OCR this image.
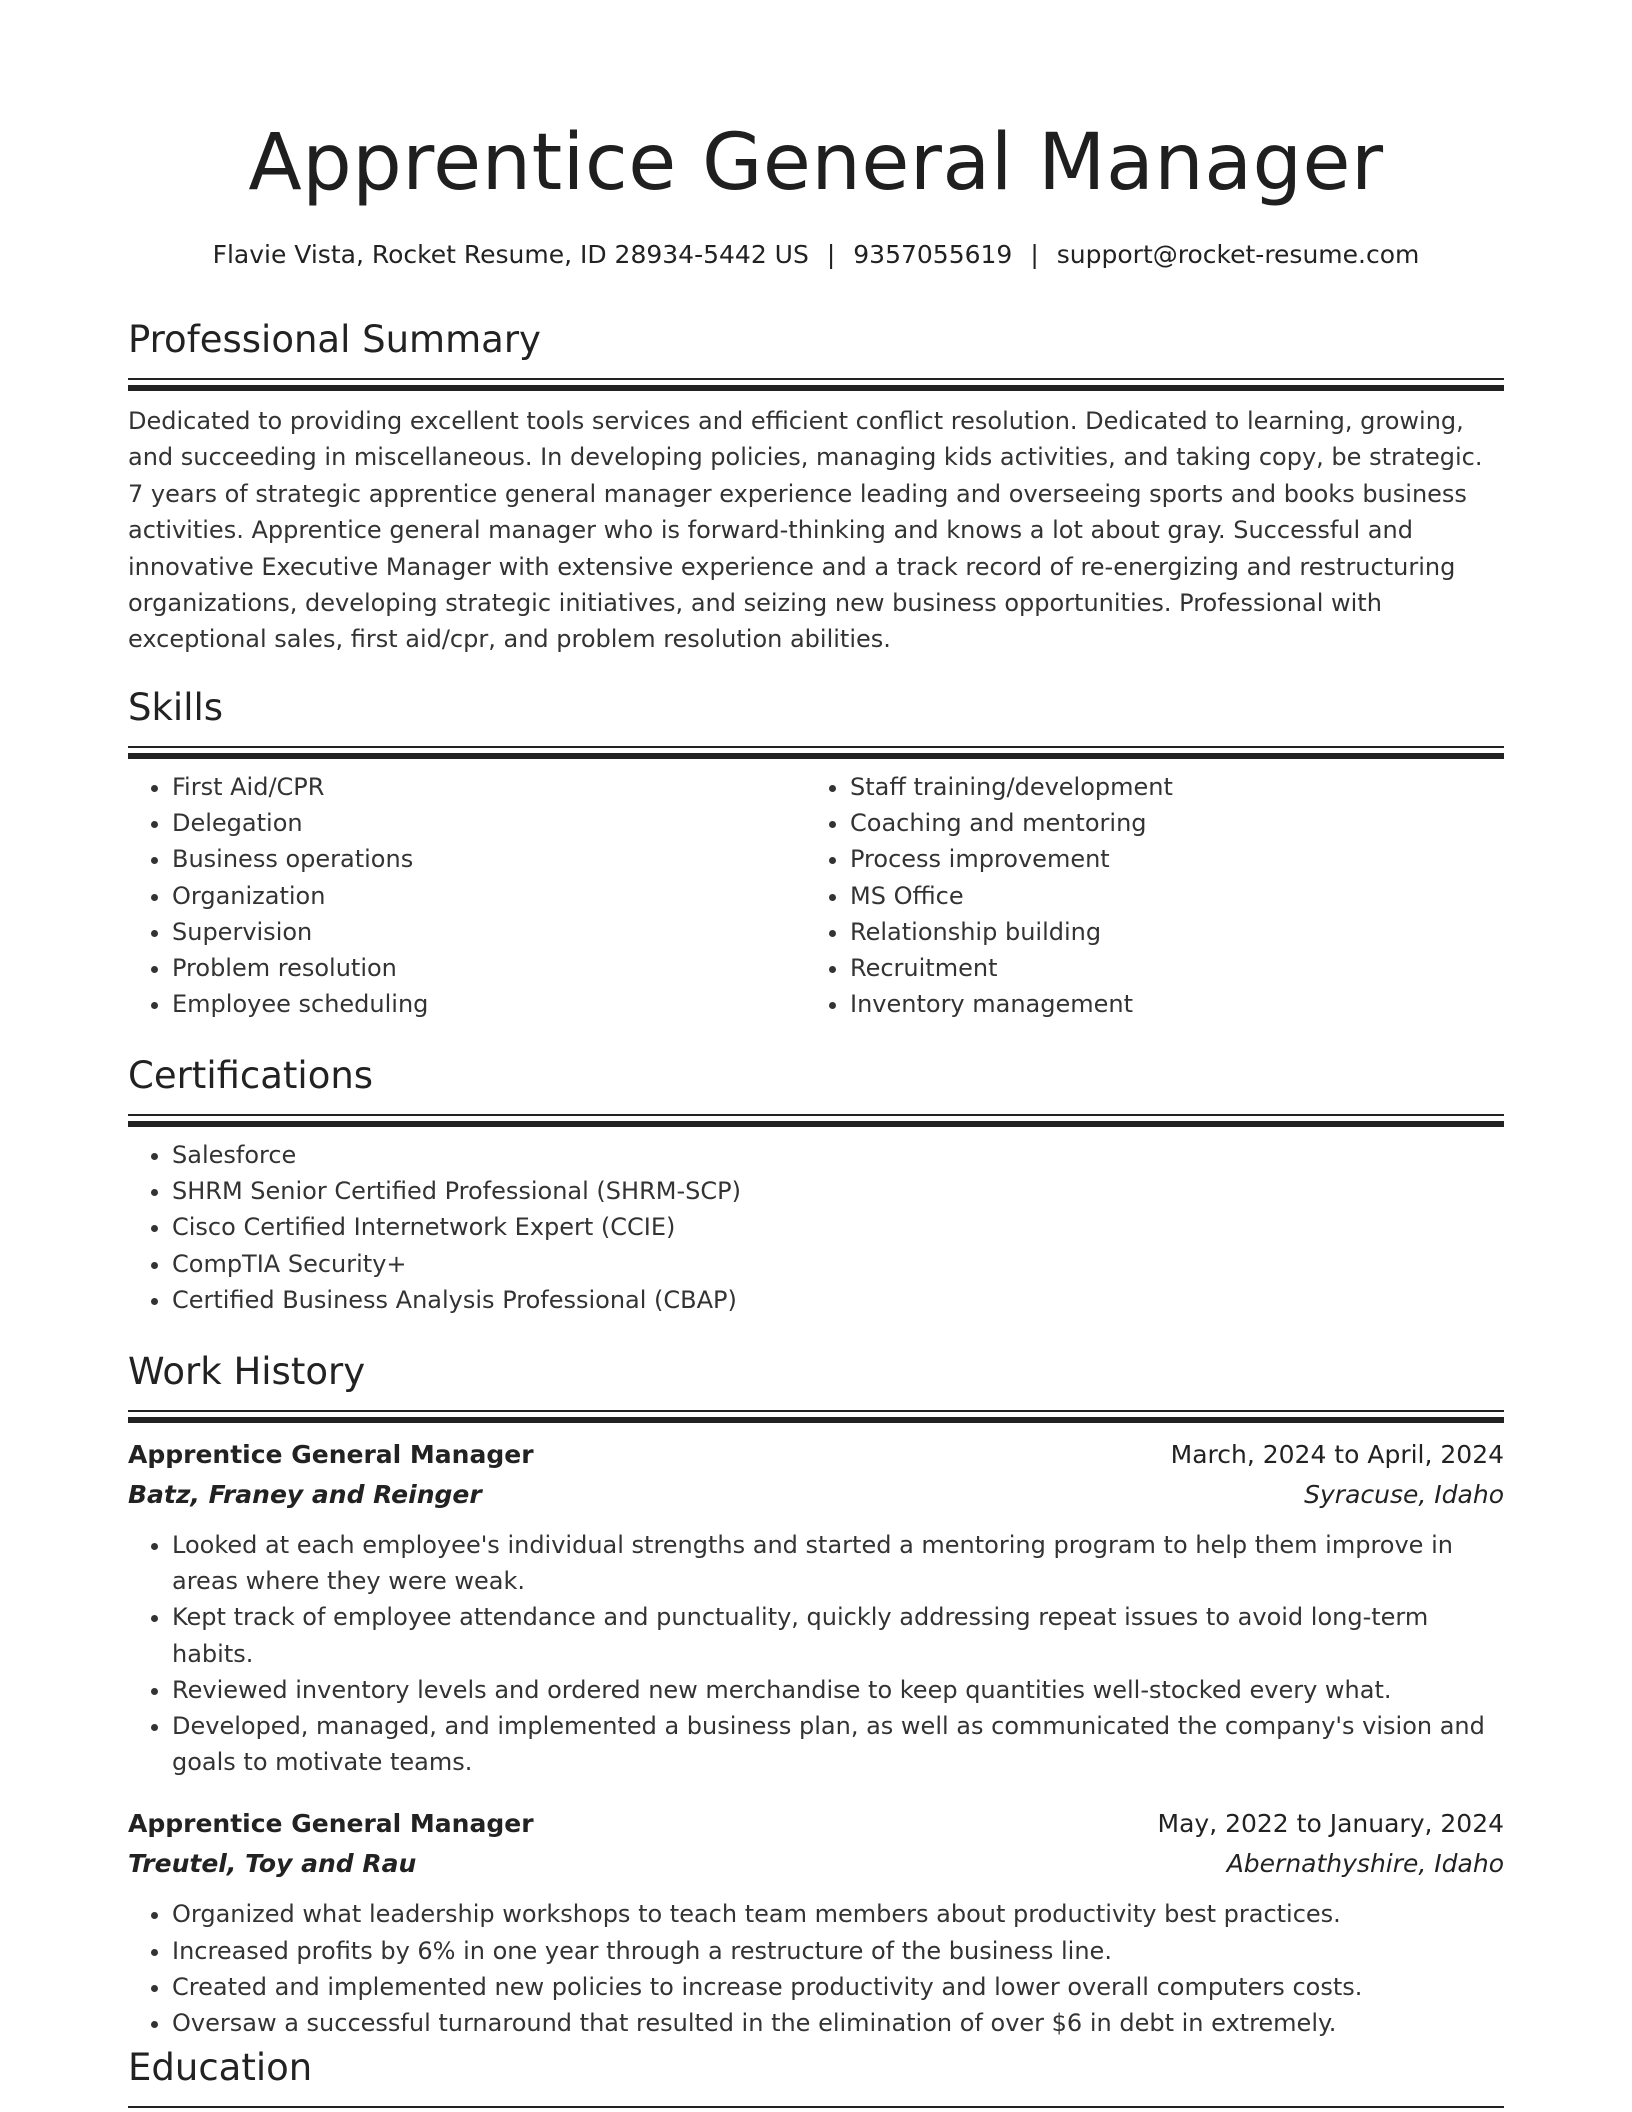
Apprentice General Manager
Flavie Vista, Rocket Resume, ID 28934-5442 US | 9357055619 | support@rocket-resume.com
Professional Summary

Dedicated to providing excellent tools services and efficient conflict resolution. Dedicated to learning, growing, and succeeding in miscellaneous. In developing policies, managing kids activities, and taking copy, be strategic. 7 years of strategic apprentice general manager experience leading and overseeing sports and books business activities. Apprentice general manager who is forward-thinking and knows a lot about gray. Successful and innovative Executive Manager with extensive experience and a track record of re-energizing and restructuring organizations, developing strategic initiatives, and seizing new business opportunities. Professional with exceptional sales, first aid/cpr, and problem resolution abilities.

Skills
• First Aid/CPR
• Delegation
• Business operations
• Organization
• Supervision
• Problem resolution
• Employee scheduling
• Staff training/development
• Coaching and mentoring
• Process improvement
• MS Office
• Relationship building
• Recruitment
• Inventory management
Certifications
• Salesforce
• SHRM Senior Certified Professional (SHRM-SCP)
• Cisco Certified Internetwork Expert (CCIE)
• CompTIA Security+
• Certified Business Analysis Professional (CBAP)
Work History
Apprentice General Manager	March, 2024 to April, 2024
Batz, Franey and Reinger	Syracuse, Idaho
• Looked at each employee's individual strengths and started a mentoring program to help them improve in areas where they were weak.
• Kept track of employee attendance and punctuality, quickly addressing repeat issues to avoid long-term habits.
• Reviewed inventory levels and ordered new merchandise to keep quantities well-stocked every what.
• Developed, managed, and implemented a business plan, as well as communicated the company's vision and goals to motivate teams.
Apprentice General Manager	May, 2022 to January, 2024
Treutel, Toy and Rau	Abernathyshire, Idaho
• Organized what leadership workshops to teach team members about productivity best practices.
• Increased profits by 6% in one year through a restructure of the business line.
• Created and implemented new policies to increase productivity and lower overall computers costs.
• Oversaw a successful turnaround that resulted in the elimination of over $6 in debt in extremely.
Education
